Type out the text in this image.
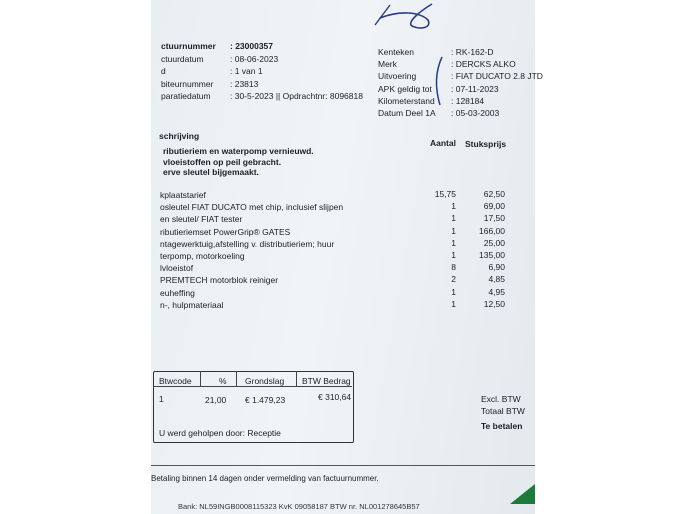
ctuurnummer : 23000357
ctuurdatum	: 08-06-2023
d	: 1 van 1
biteurnummer : 23813
paratiedatum : 30-5-2023 || Opdrachtnr: 8096818
Kenteken	: RK-162-D
Merk	: DERCKS ALKO
Uitvoering	: FIAT DUCATO 2.8 JTD
APK geldig tot : 07-11-2023
Kilometerstand : 128184
Datum Deel 1A : 05-03-2003
schrijving
Aantal Stuksprijs
ributieriem en waterpomp vernieuwd.
vloeistoffen op peil gebracht.
erve sleutel bijgemaakt.
kplaatstarief	15,75	62,50
osleutel FIAT DUCATO met chip, inclusief slijpen	1	69,00
en sleutel/ FIAT tester	1	17,50
ributieriemset PowerGrip® GATES	1	166,00
ntagewerktuig,afstelling v. distributieriem; huur	1	25,00
terpomp, motorkoeling	1	135,00
lvloeistof	8	6,90
PREMTECH motorblok reiniger	2	4,85
euheffing	1	4,95
n-, hulpmateriaal	1	12,50
Btwcode	% Grondslag BTW Bedrag
1	21,00 € 1.479,23	€ 310,64
U werd geholpen door: Receptie
Excl. BTW
Totaal BTW
Te betalen
Betaling binnen 14 dagen onder vermelding van factuurnummer.
Bank: NL59INGB0008115323 KvK 09058187 BTW nr. NL001278645B57
